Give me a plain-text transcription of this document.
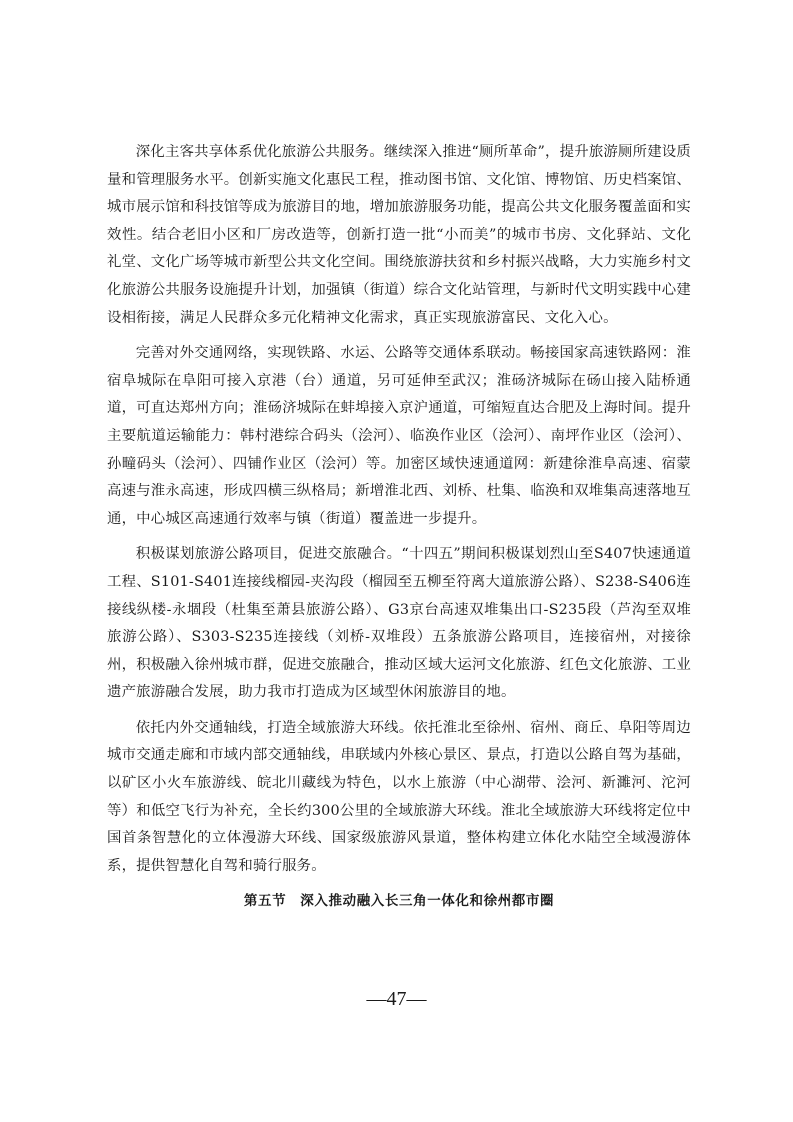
深化主客共享体系优化旅游公共服务。继续深入推进“厕所革命”，提升旅游厕所建设质量和管理服务水平。创新实施文化惠民工程，推动图书馆、文化馆、博物馆、历史档案馆、城市展示馆和科技馆等成为旅游目的地，增加旅游服务功能，提高公共文化服务覆盖面和实效性。结合老旧小区和厂房改造等，创新打造一批“小而美”的城市书房、文化驿站、文化礼堂、文化广场等城市新型公共文化空间。围绕旅游扶贫和乡村振兴战略，大力实施乡村文化旅游公共服务设施提升计划，加强镇（街道）综合文化站管理，与新时代文明实践中心建设相衔接，满足人民群众多元化精神文化需求，真正实现旅游富民、文化入心。

完善对外交通网络，实现铁路、水运、公路等交通体系联动。畅接国家高速铁路网：淮宿阜城际在阜阳可接入京港（台）通道，另可延伸至武汉；淮砀济城际在砀山接入陆桥通道，可直达郑州方向；淮砀济城际在蚌埠接入京沪通道，可缩短直达合肥及上海时间。提升主要航道运输能力：韩村港综合码头（浍河）、临涣作业区（浍河）、南坪作业区（浍河）、孙疃码头（浍河）、四铺作业区（浍河）等。加密区域快速通道网：新建徐淮阜高速、宿蒙高速与淮永高速，形成四横三纵格局；新增淮北西、刘桥、杜集、临涣和双堆集高速落地互通，中心城区高速通行效率与镇（街道）覆盖进一步提升。

积极谋划旅游公路项目，促进交旅融合。“十四五”期间积极谋划烈山至S407快速通道工程、S101-S401连接线榴园-夹沟段（榴园至五柳至符离大道旅游公路）、S238-S406连接线纵楼-永堌段（杜集至萧县旅游公路）、G3京台高速双堆集出口-S235段（芦沟至双堆旅游公路）、S303-S235连接线（刘桥-双堆段）五条旅游公路项目，连接宿州，对接徐州，积极融入徐州城市群，促进交旅融合，推动区域大运河文化旅游、红色文化旅游、工业遗产旅游融合发展，助力我市打造成为区域型休闲旅游目的地。

依托内外交通轴线，打造全域旅游大环线。依托淮北至徐州、宿州、商丘、阜阳等周边城市交通走廊和市域内部交通轴线，串联域内外核心景区、景点，打造以公路自驾为基础，以矿区小火车旅游线、皖北川藏线为特色，以水上旅游（中心湖带、浍河、新濉河、沱河等）和低空飞行为补充，全长约300公里的全域旅游大环线。淮北全域旅游大环线将定位中国首条智慧化的立体漫游大环线、国家级旅游风景道，整体构建立体化水陆空全域漫游体系，提供智慧化自驾和骑行服务。

第五节　深入推动融入长三角一体化和徐州都市圈
—47—
